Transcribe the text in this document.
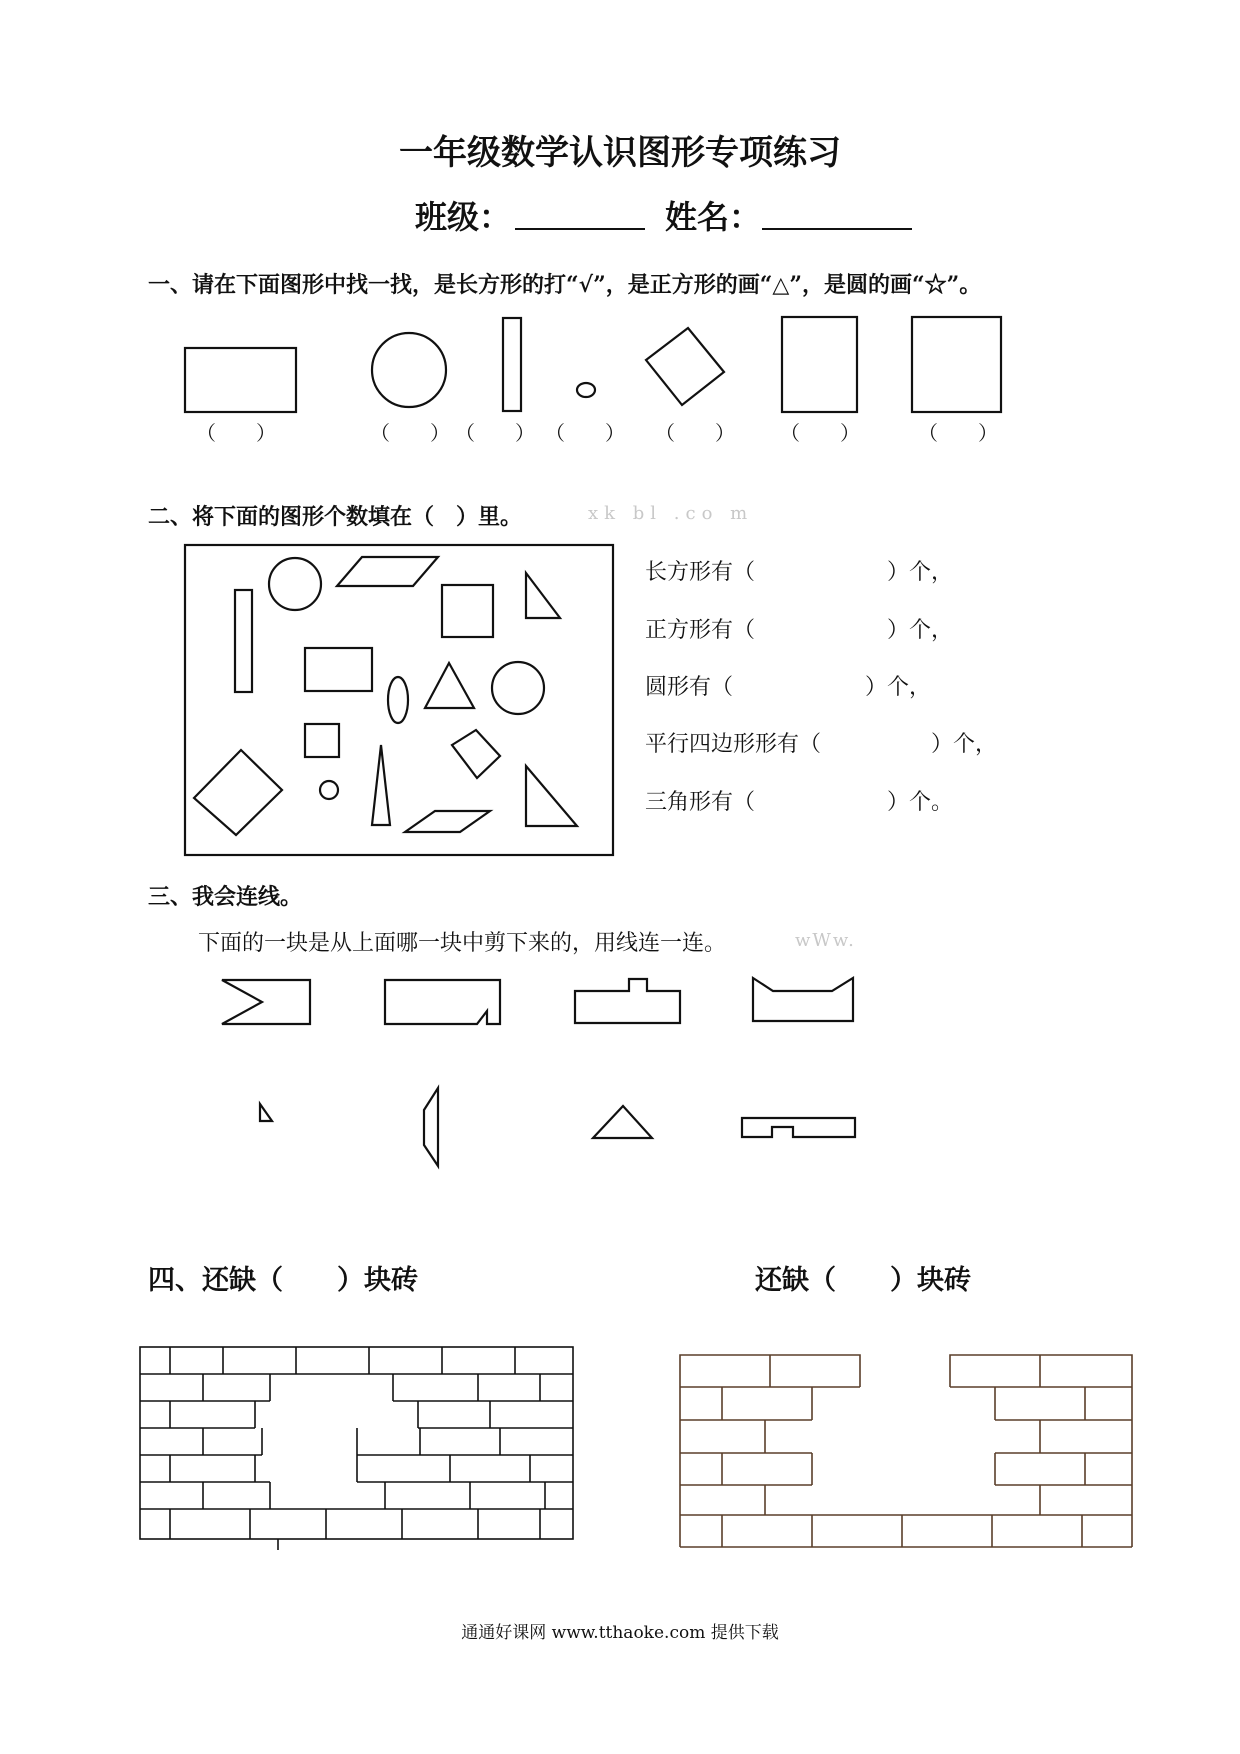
一年级数学认识图形专项练习
班级：	姓名：
一、请在下面图形中找一找，是长方形的打“√”，是正方形的画“△”，是圆的画“☆”。
（　　）	（　　） （　　） （　　） （　　） （　　）	（　　）
二、将下面的图形个数填在（　）里。	xk bl .co m
长方形有（　　　　　　）个，
正方形有（　　　　　　）个，
圆形有（　　　　　　）个，
平行四边形形有（　　　　　）个，
三角形有（　　　　　　）个。
三、我会连线。
下面的一块是从上面哪一块中剪下来的，用线连一连。	wWw.
四、还缺（　　）块砖	还缺（　　）块砖
通通好课网 www.tthaoke.com 提供下载
